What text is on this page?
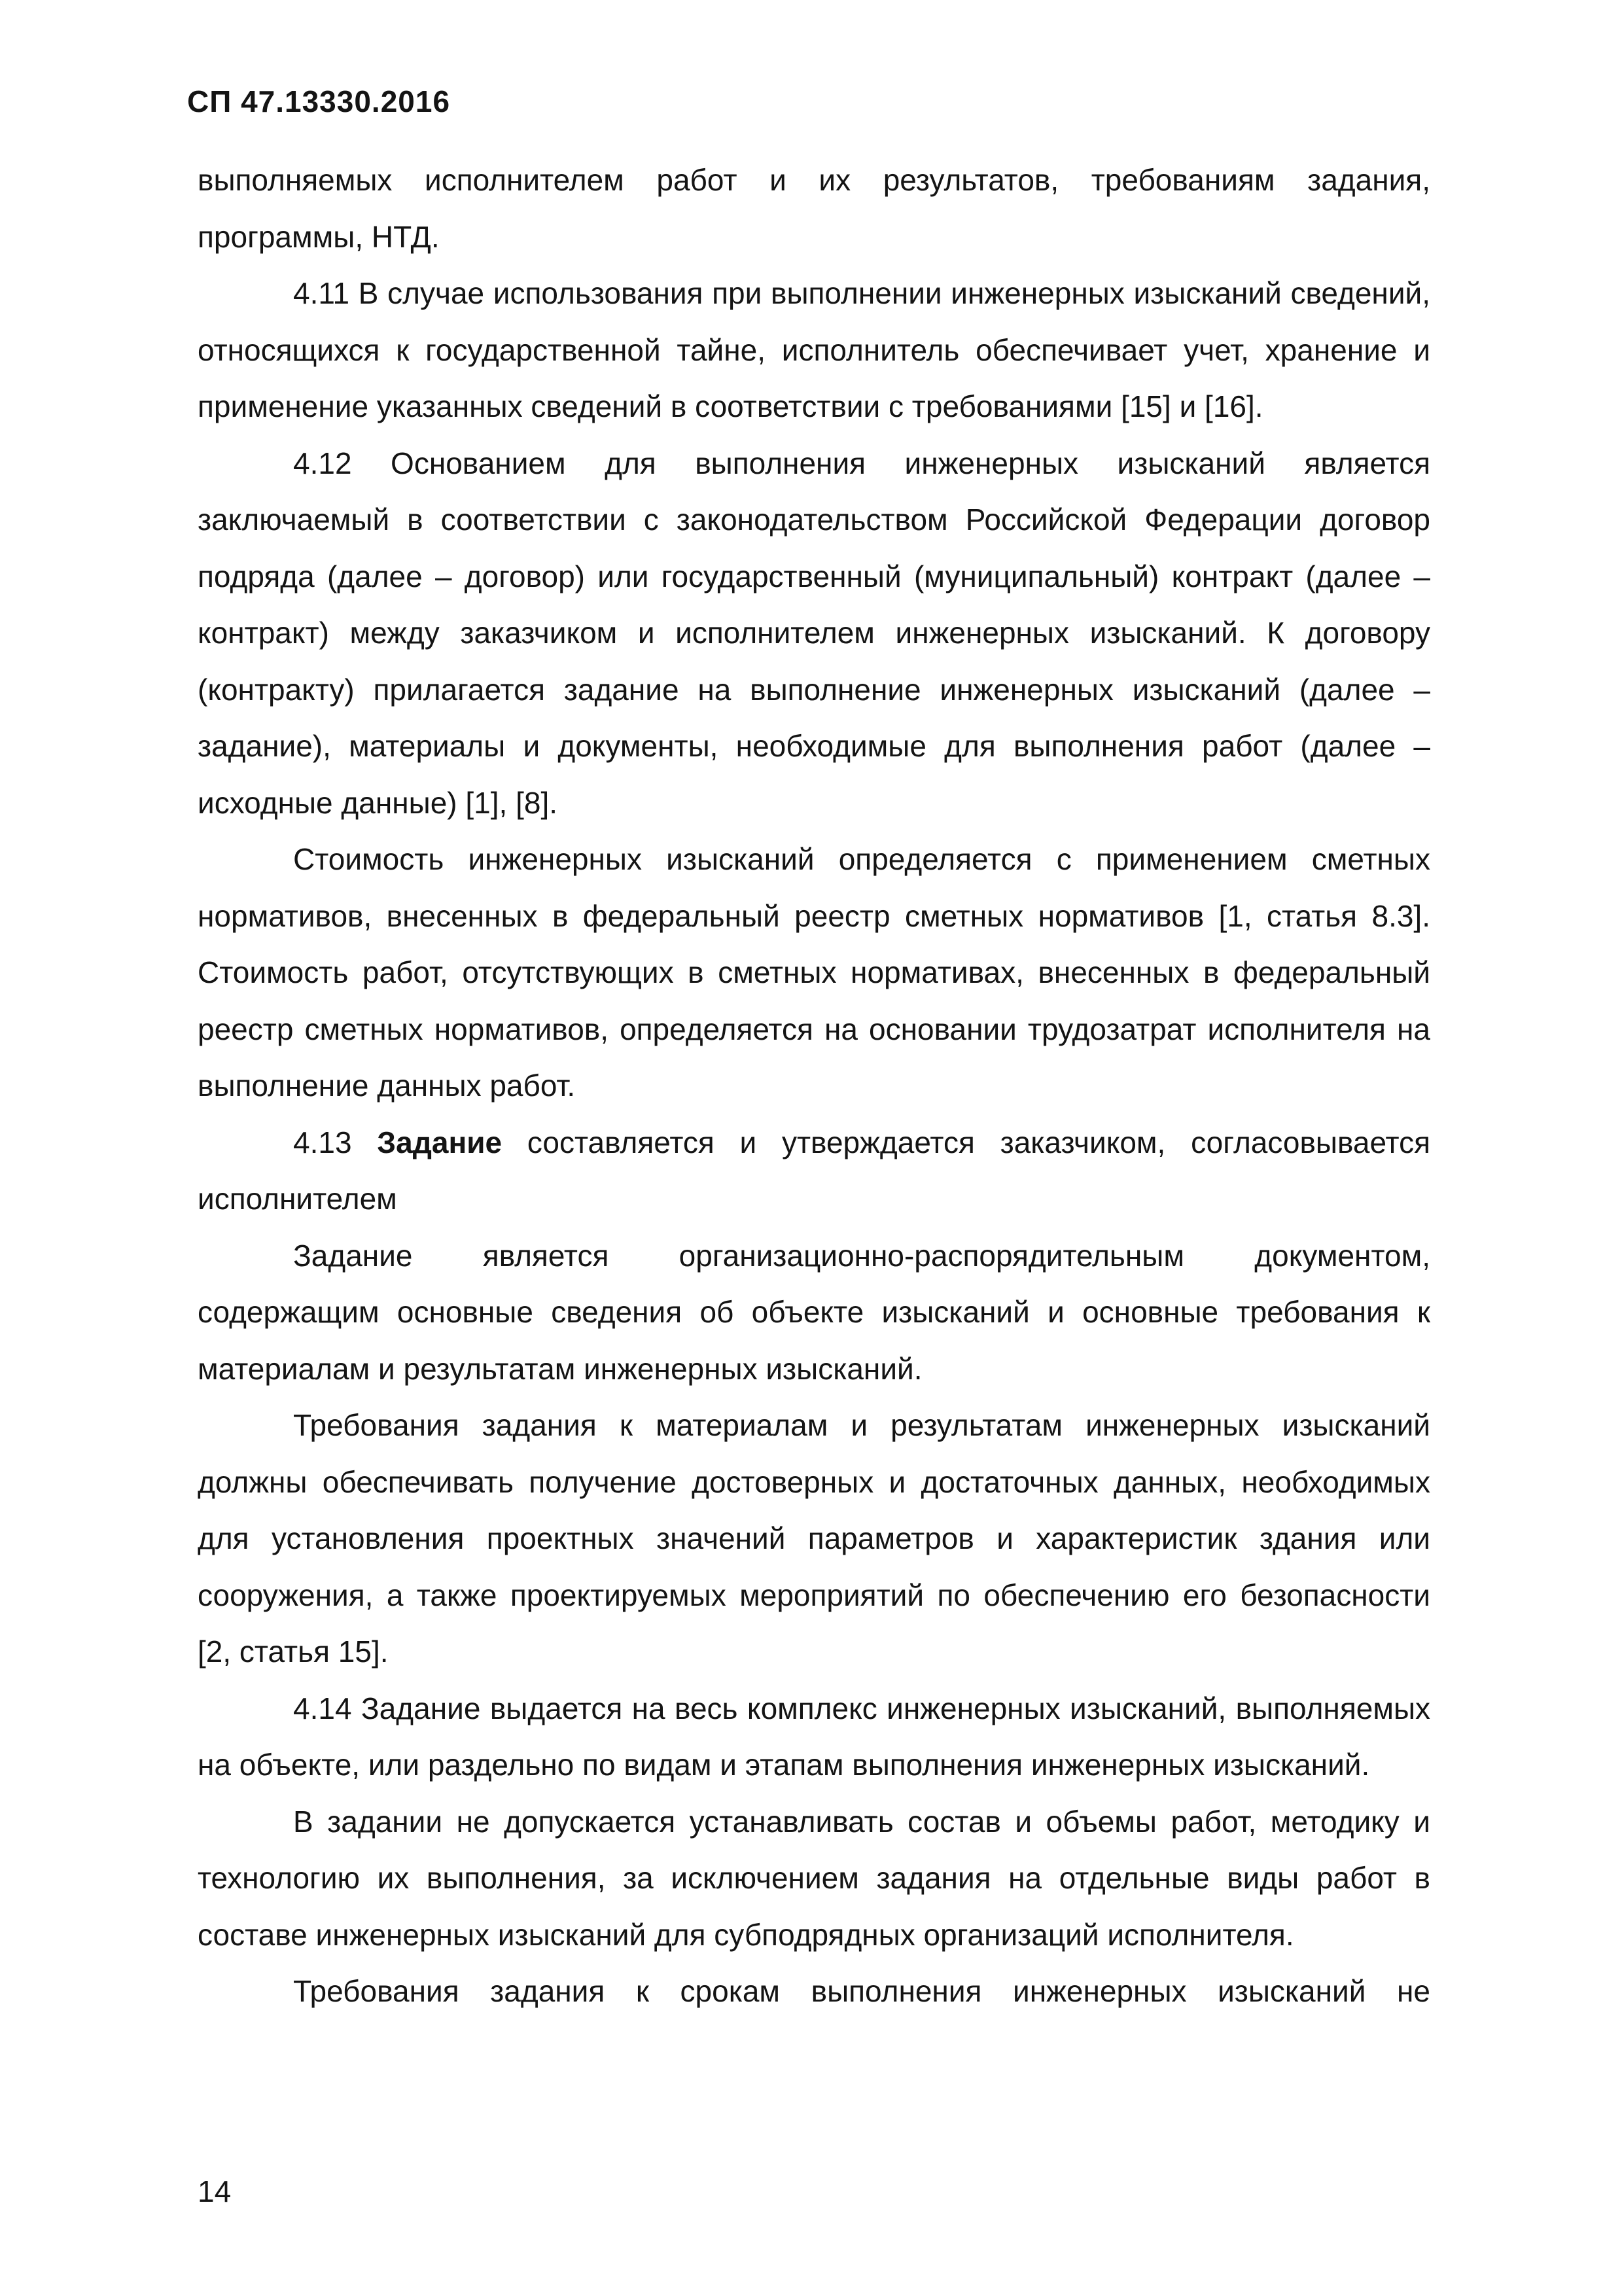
СП 47.13330.2016

выполняемых исполнителем работ и их результатов, требованиям задания, программы, НТД.

4.11 В случае использования при выполнении инженерных изысканий сведений, относящихся к государственной тайне, исполнитель обеспечивает учет, хранение и применение указанных сведений в соответствии с требованиями [15] и [16].

4.12 Основанием для выполнения инженерных изысканий является заключаемый в соответствии с законодательством Российской Федерации договор подряда (далее – договор) или государственный (муниципальный) контракт (далее – контракт) между заказчиком и исполнителем инженерных изысканий. К договору (контракту) прилагается задание на выполнение инженерных изысканий (далее – задание), материалы и документы, необходимые для выполнения работ (далее – исходные данные) [1], [8].

Стоимость инженерных изысканий определяется с применением сметных нормативов, внесенных в федеральный реестр сметных нормативов [1, статья 8.3]. Стоимость работ, отсутствующих в сметных нормативах, внесенных в федеральный реестр сметных нормативов, определяется на основании трудозатрат исполнителя на выполнение данных работ.

4.13 Задание составляется и утверждается заказчиком, согласовывается исполнителем

Задание является организационно-распорядительным документом, содержащим основные сведения об объекте изысканий и основные требования к материалам и результатам инженерных изысканий.

Требования задания к материалам и результатам инженерных изысканий должны обеспечивать получение достоверных и достаточных данных, необходимых для установления проектных значений параметров и характеристик здания или сооружения, а также проектируемых мероприятий по обеспечению его безопасности [2, статья 15].

4.14 Задание выдается на весь комплекс инженерных изысканий, выполняемых на объекте, или раздельно по видам и этапам выполнения инженерных изысканий.

В задании не допускается устанавливать состав и объемы работ, методику и технологию их выполнения, за исключением задания на отдельные виды работ в составе инженерных изысканий для субподрядных организаций исполнителя.

Требования задания к срокам выполнения инженерных изысканий не

14
